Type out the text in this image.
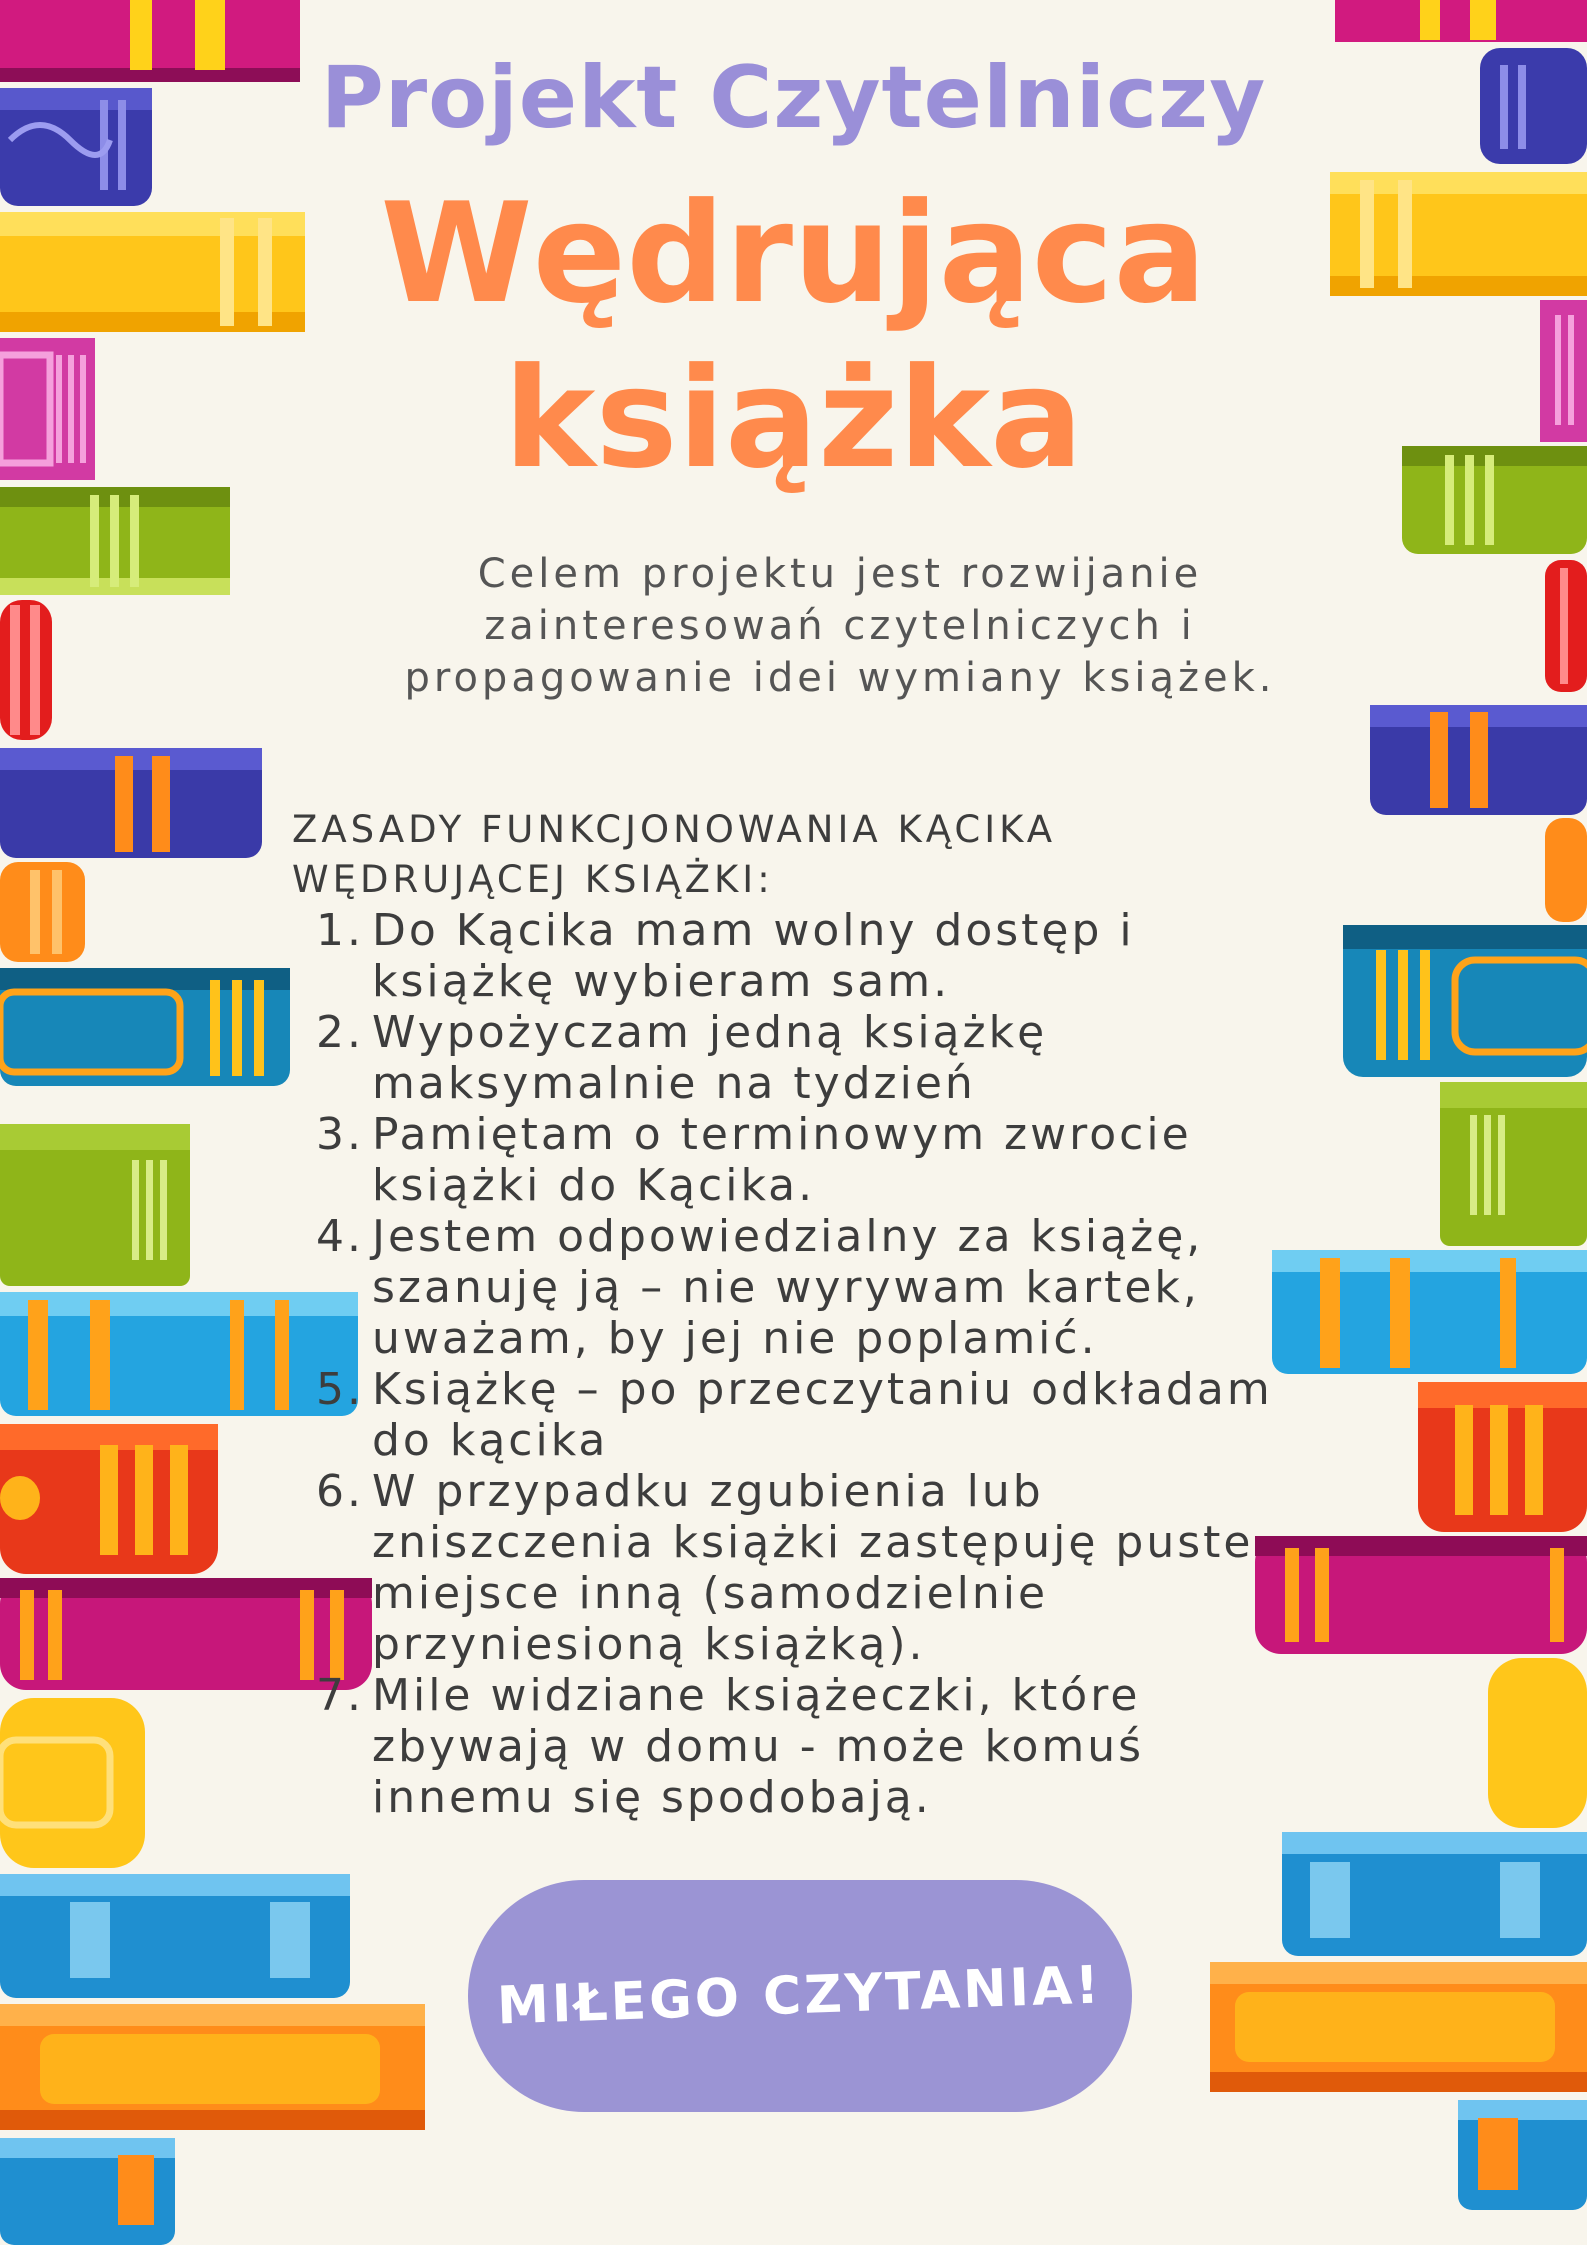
Projekt Czytelniczy
Wędrująca
książka
Celem projektu jest rozwijanie
zainteresowań czytelniczych i
propagowanie idei wymiany książek.
ZASADY FUNKCJONOWANIA KĄCIKA
WĘDRUJĄCEJ KSIĄŻKI:
1. Do Kącika mam wolny dostęp i
książkę wybieram sam.
2. Wypożyczam jedną książkę
maksymalnie na tydzień
3. Pamiętam o terminowym zwrocie
książki do Kącika.
4. Jestem odpowiedzialny za książę,
szanuję ją – nie wyrywam kartek,
uważam, by jej nie poplamić.
5. Książkę – po przeczytaniu odkładam
do kącika
6. W przypadku zgubienia lub
zniszczenia książki zastępuję puste
miejsce inną (samodzielnie
przyniesioną książką).
7. Mile widziane książeczki, które
zbywają w domu - może komuś
innemu się spodobają.
MIŁEGO CZYTANIA!
